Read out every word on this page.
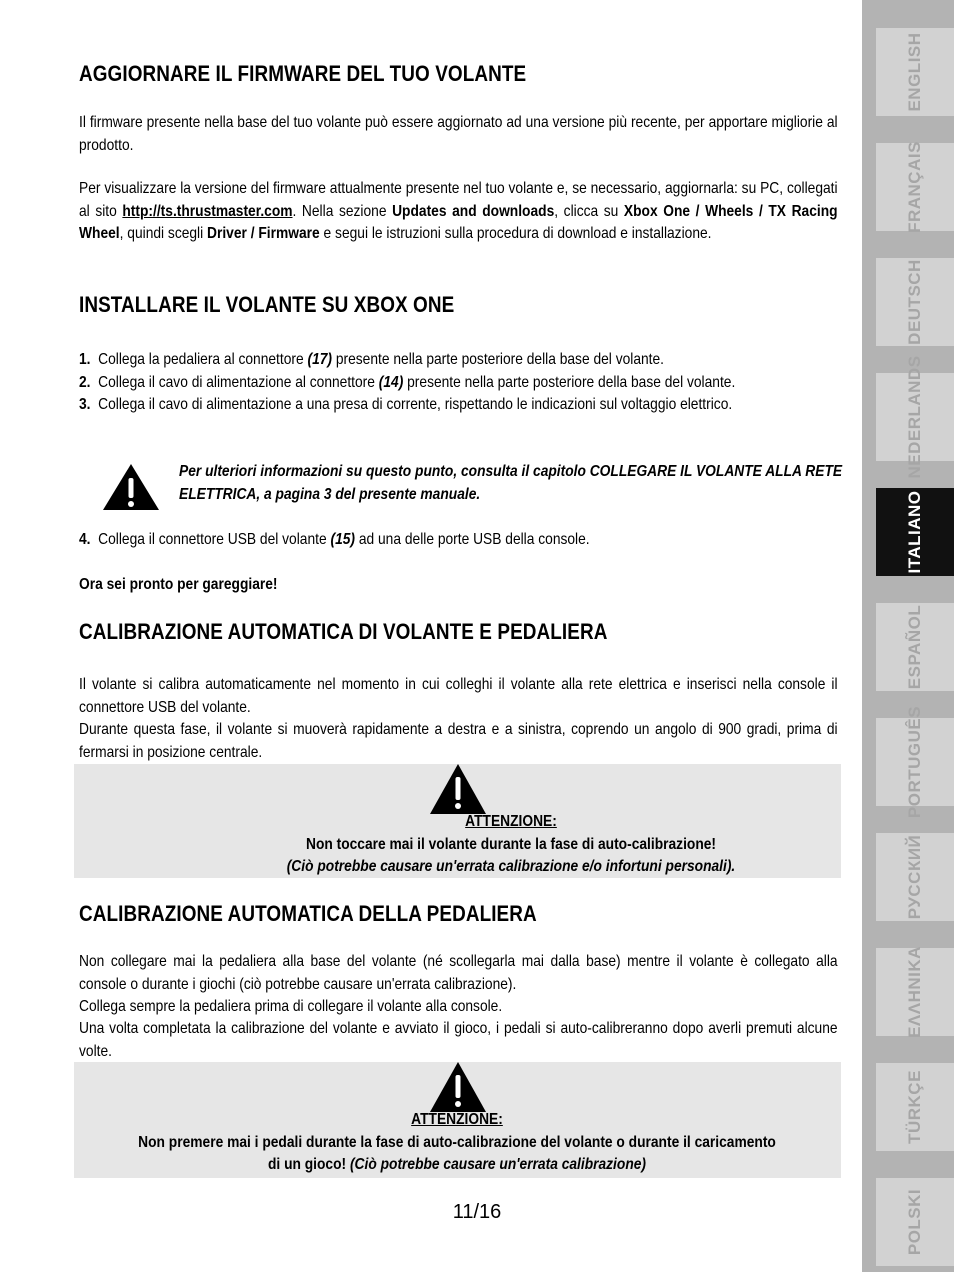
AGGIORNARE IL FIRMWARE DEL TUO VOLANTE
Il firmware presente nella base del tuo volante può essere aggiornato ad una versione più recente, per apportare migliorie al prodotto.
Per visualizzare la versione del firmware attualmente presente nel tuo volante e, se necessario, aggiornarla: su PC, collegati al sito http://ts.thrustmaster.com. Nella sezione Updates and downloads, clicca su Xbox One / Wheels / TX Racing Wheel, quindi scegli Driver / Firmware e segui le istruzioni sulla procedura di download e installazione.
INSTALLARE IL VOLANTE SU XBOX ONE
1. Collega la pedaliera al connettore (17) presente nella parte posteriore della base del volante.
2. Collega il cavo di alimentazione al connettore (14) presente nella parte posteriore della base del volante.
3. Collega il cavo di alimentazione a una presa di corrente, rispettando le indicazioni sul voltaggio elettrico.
Per ulteriori informazioni su questo punto, consulta il capitolo COLLEGARE IL VOLANTE ALLA RETE ELETTRICA, a pagina 3 del presente manuale.
4. Collega il connettore USB del volante (15) ad una delle porte USB della console.
Ora sei pronto per gareggiare!
CALIBRAZIONE AUTOMATICA DI VOLANTE E PEDALIERA
Il volante si calibra automaticamente nel momento in cui colleghi il volante alla rete elettrica e inserisci nella console il connettore USB del volante.
Durante questa fase, il volante si muoverà rapidamente a destra e a sinistra, coprendo un angolo di 900 gradi, prima di fermarsi in posizione centrale.
CALIBRAZIONE AUTOMATICA DELLA PEDALIERA
Non collegare mai la pedaliera alla base del volante (né scollegarla mai dalla base) mentre il volante è collegato alla console o durante i giochi (ciò potrebbe causare un'errata calibrazione).
Collega sempre la pedaliera prima di collegare il volante alla console.
Una volta completata la calibrazione del volante e avviato il gioco, i pedali si auto-calibreranno dopo averli premuti alcune volte.
ATTENZIONE:
Non toccare mai il volante durante la fase di auto-calibrazione!
(Ciò potrebbe causare un'errata calibrazione e/o infortuni personali).
ATTENZIONE:
Non premere mai i pedali durante la fase di auto-calibrazione del volante o durante il caricamento
di un gioco! (Ciò potrebbe causare un'errata calibrazione)
11/16
ENGLISH
FRANÇAIS
DEUTSCH
NEDERLANDS
ITALIANO
ESPAÑOL
PORTUGUÊS
РУССКИЙ
ΕΛΛΗΝΙΚΑ
TÜRKÇE
POLSKI
